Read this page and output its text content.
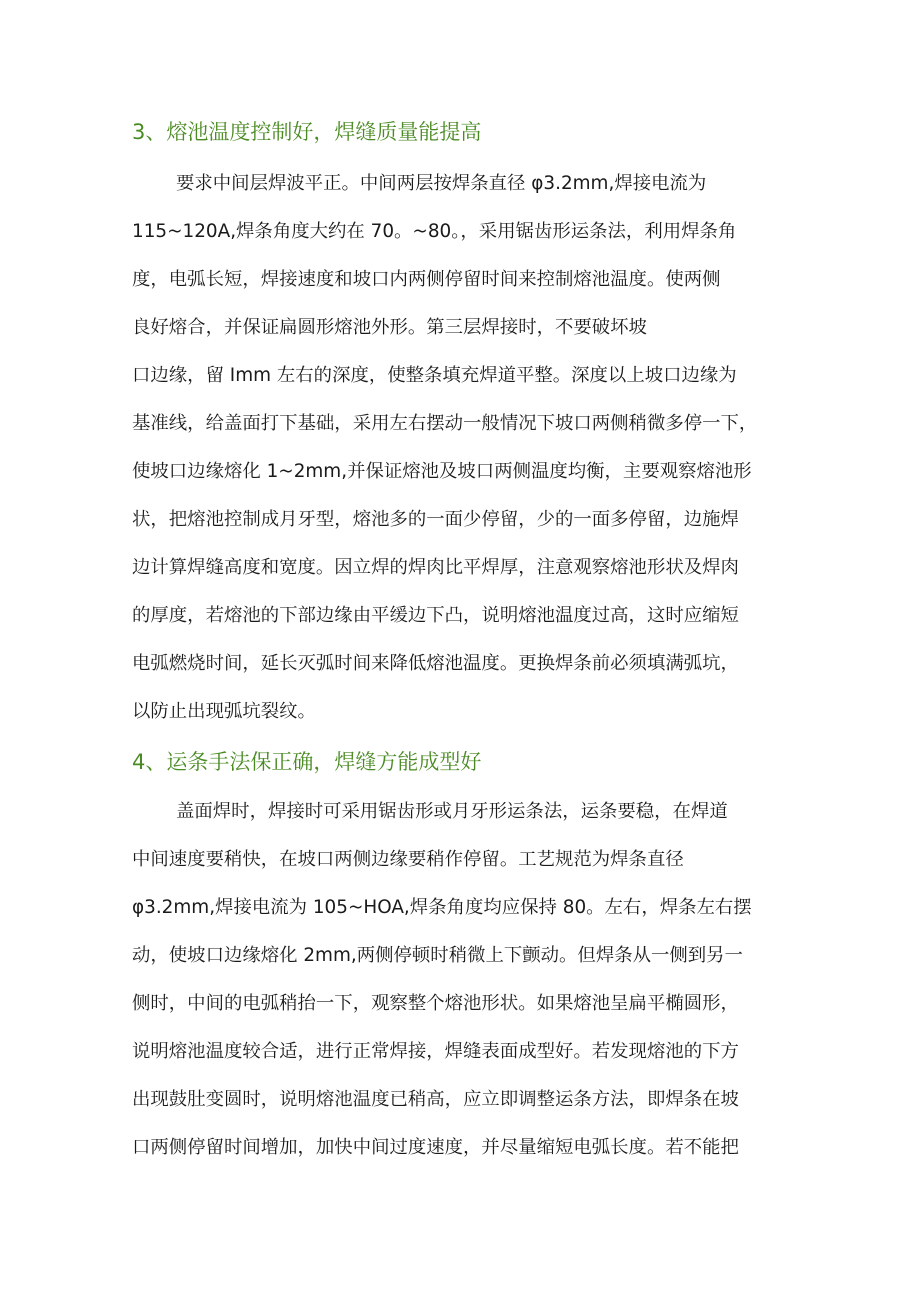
3、熔池温度控制好，焊缝质量能提高

要求中间层焊波平正。中间两层按焊条直径 φ3.2mm,焊接电流为

115~120A,焊条角度大约在 70。~80。，采用锯齿形运条法，利用焊条角

度，电弧长短，焊接速度和坡口内两侧停留时间来控制熔池温度。使两侧

良好熔合，并保证扁圆形熔池外形。第三层焊接时，不要破坏坡

口边缘，留 Imm 左右的深度，使整条填充焊道平整。深度以上坡口边缘为

基准线，给盖面打下基础，采用左右摆动一般情况下坡口两侧稍微多停一下，

使坡口边缘熔化 1~2mm,并保证熔池及坡口两侧温度均衡，主要观察熔池形

状，把熔池控制成月牙型，熔池多的一面少停留，少的一面多停留，边施焊

边计算焊缝高度和宽度。因立焊的焊肉比平焊厚，注意观察熔池形状及焊肉

的厚度，若熔池的下部边缘由平缓边下凸，说明熔池温度过高，这时应缩短

电弧燃烧时间，延长灭弧时间来降低熔池温度。更换焊条前必须填满弧坑，

以防止出现弧坑裂纹。

4、运条手法保正确，焊缝方能成型好

盖面焊时，焊接时可采用锯齿形或月牙形运条法，运条要稳，在焊道

中间速度要稍快，在坡口两侧边缘要稍作停留。工艺规范为焊条直径

φ3.2mm,焊接电流为 105~HOA,焊条角度均应保持 80。左右，焊条左右摆

动，使坡口边缘熔化 2mm,两侧停顿时稍微上下颤动。但焊条从一侧到另一

侧时，中间的电弧稍抬一下，观察整个熔池形状。如果熔池呈扁平椭圆形，

说明熔池温度较合适，进行正常焊接，焊缝表面成型好。若发现熔池的下方

出现鼓肚变圆时，说明熔池温度已稍高，应立即调整运条方法，即焊条在坡

口两侧停留时间增加，加快中间过度速度，并尽量缩短电弧长度。若不能把
